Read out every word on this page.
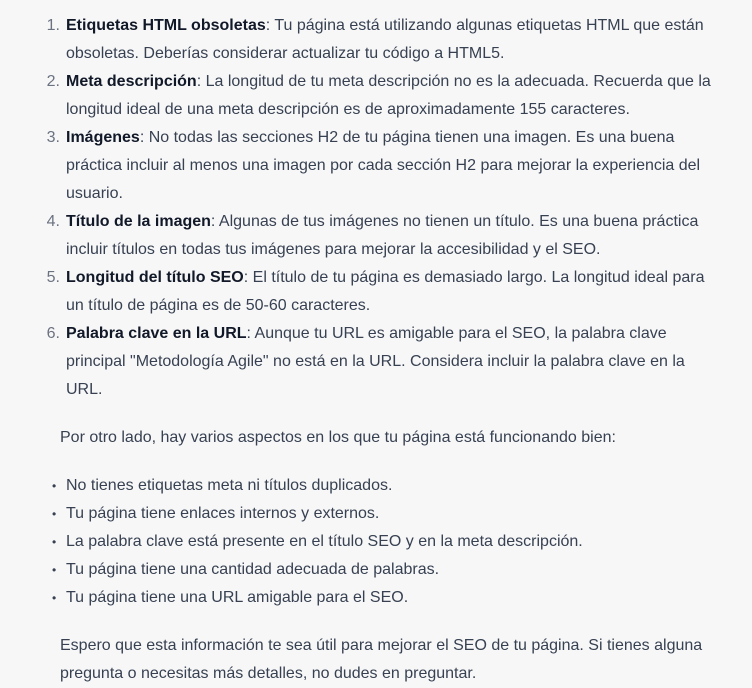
1. Etiquetas HTML obsoletas: Tu página está utilizando algunas etiquetas HTML que están obsoletas. Deberías considerar actualizar tu código a HTML5.
2. Meta descripción: La longitud de tu meta descripción no es la adecuada. Recuerda que la longitud ideal de una meta descripción es de aproximadamente 155 caracteres.
3. Imágenes: No todas las secciones H2 de tu página tienen una imagen. Es una buena práctica incluir al menos una imagen por cada sección H2 para mejorar la experiencia del usuario.
4. Título de la imagen: Algunas de tus imágenes no tienen un título. Es una buena práctica incluir títulos en todas tus imágenes para mejorar la accesibilidad y el SEO.
5. Longitud del título SEO: El título de tu página es demasiado largo. La longitud ideal para un título de página es de 50-60 caracteres.
6. Palabra clave en la URL: Aunque tu URL es amigable para el SEO, la palabra clave principal "Metodología Agile" no está en la URL. Considera incluir la palabra clave en la URL.

Por otro lado, hay varios aspectos en los que tu página está funcionando bien:

• No tienes etiquetas meta ni títulos duplicados.
• Tu página tiene enlaces internos y externos.
• La palabra clave está presente en el título SEO y en la meta descripción.
• Tu página tiene una cantidad adecuada de palabras.
• Tu página tiene una URL amigable para el SEO.

Espero que esta información te sea útil para mejorar el SEO de tu página. Si tienes alguna pregunta o necesitas más detalles, no dudes en preguntar.
